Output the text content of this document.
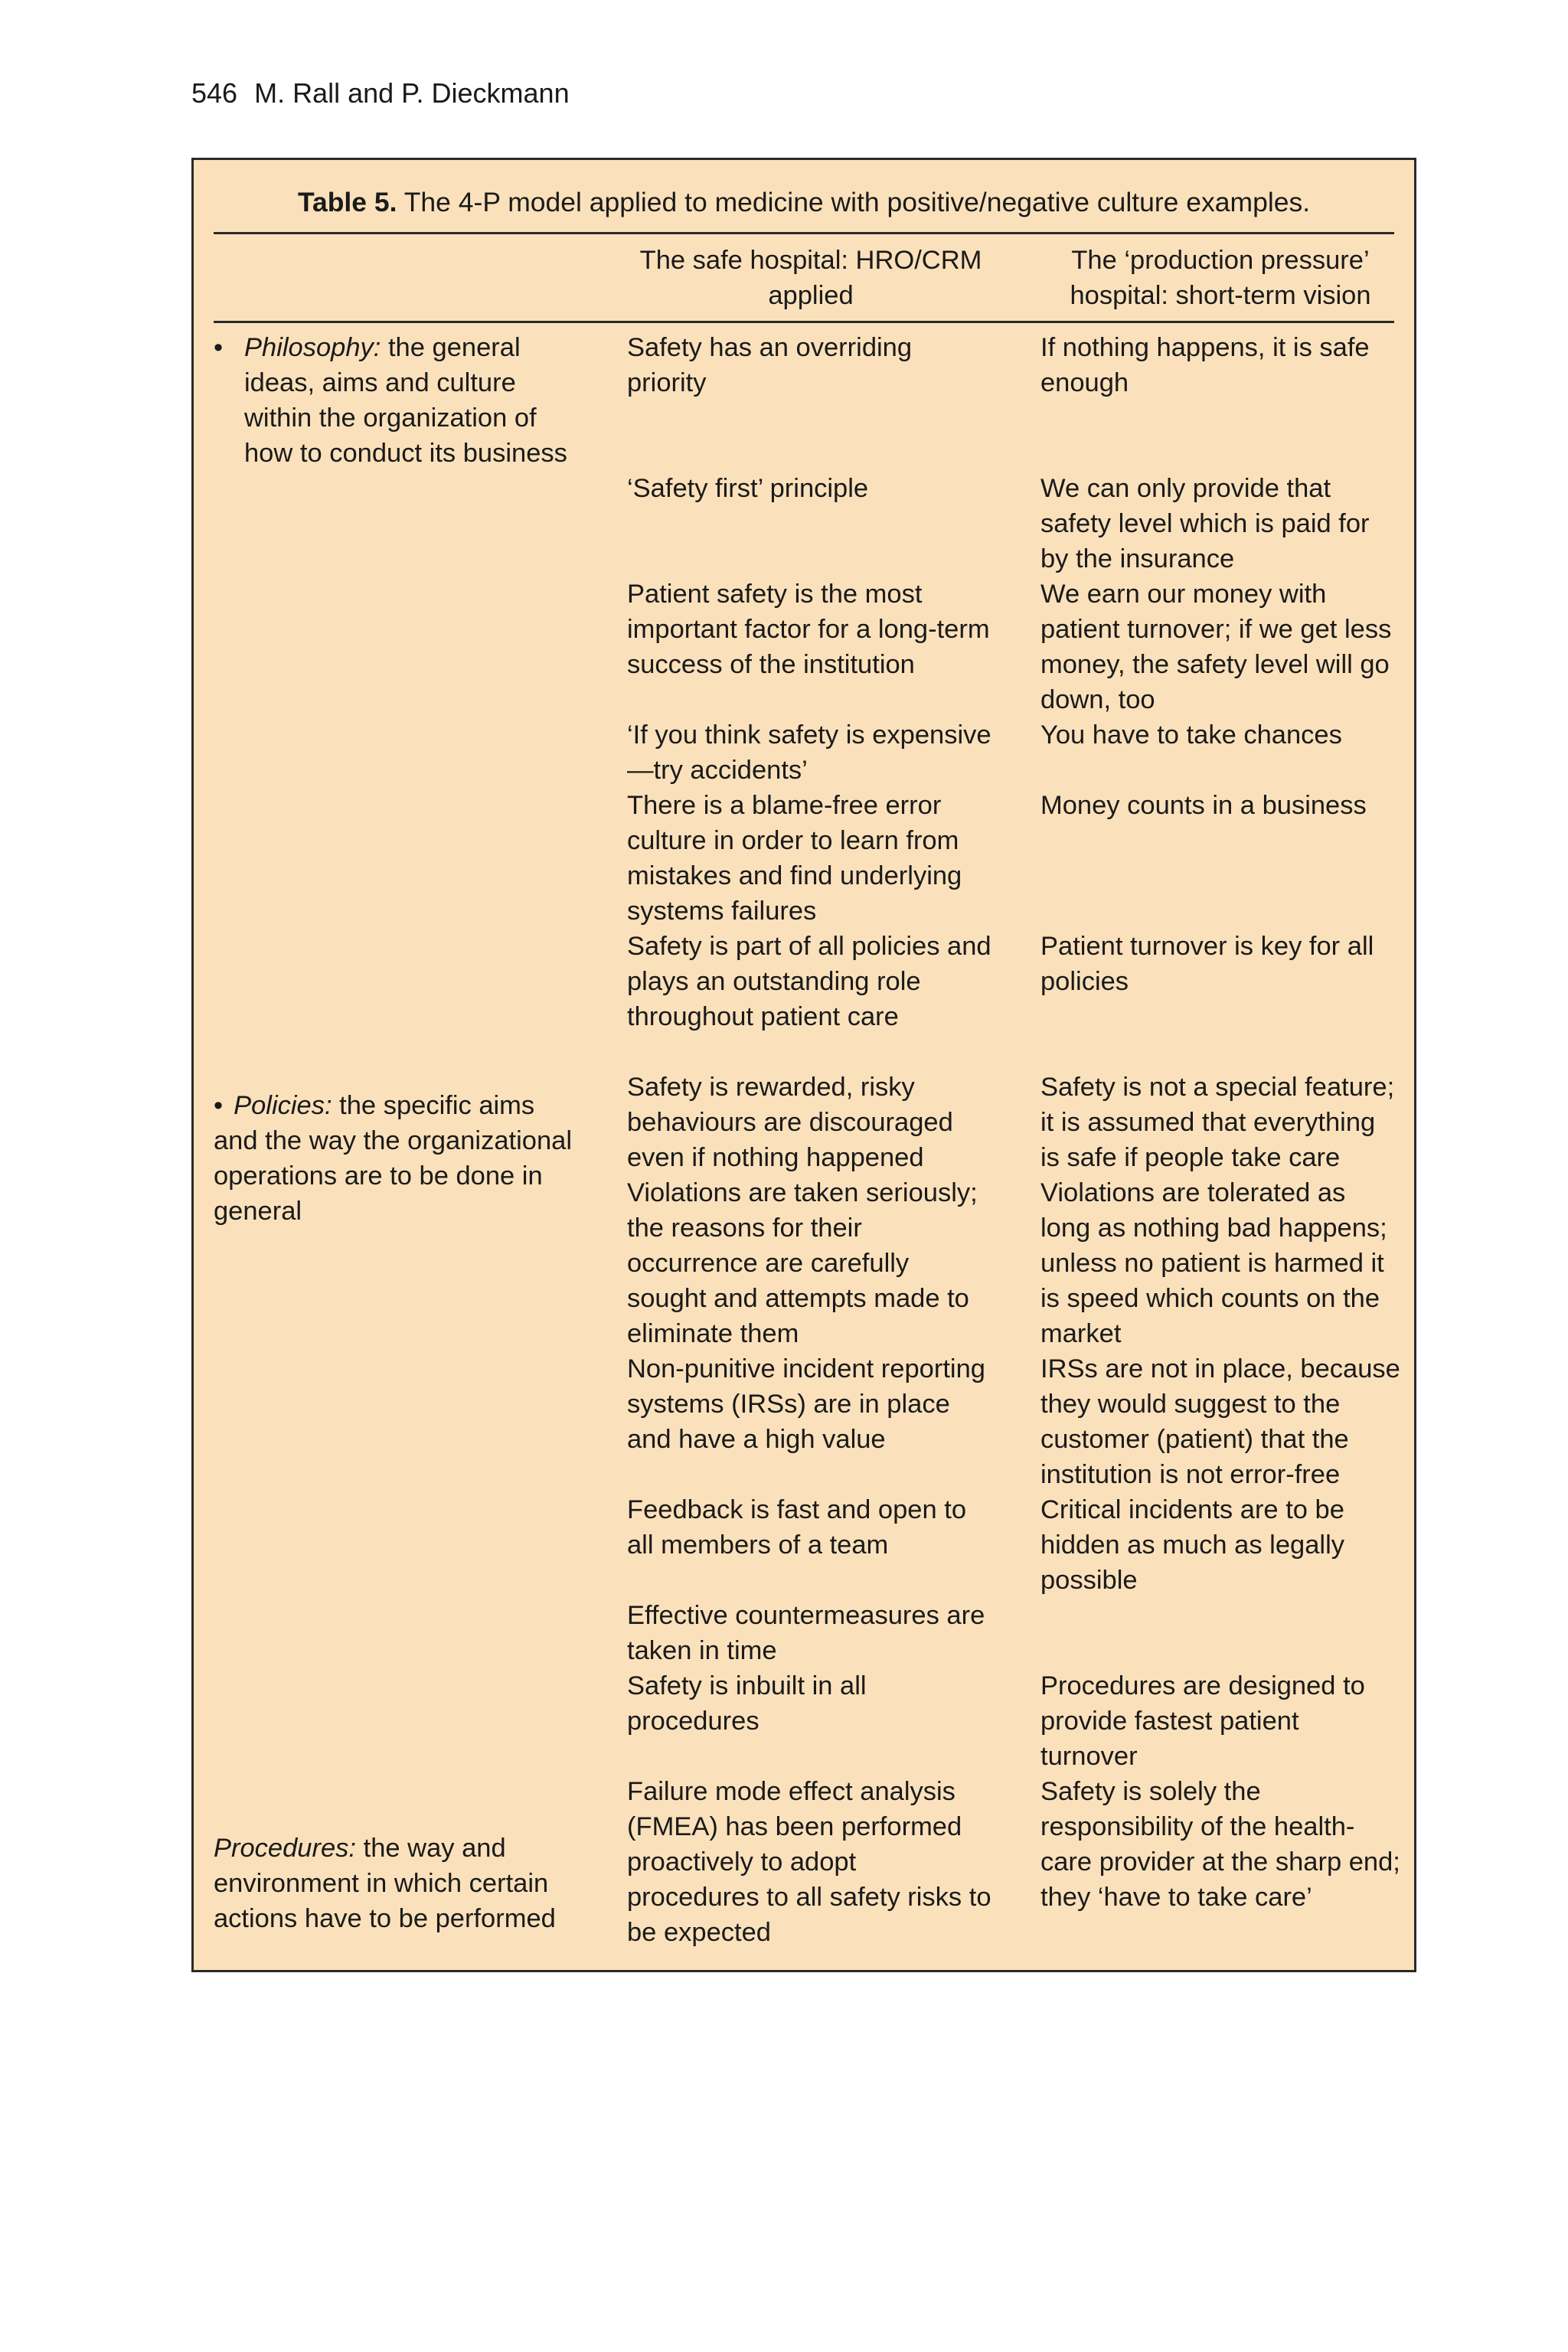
546 M. Rall and P. Dieckmann
Table 5. The 4-P model applied to medicine with positive/negative culture examples.
The safe hospital: HRO/CRM applied
The ‘production pressure’ hospital: short-term vision
• Philosophy: the general ideas, aims and culture within the organization of how to conduct its business
• Policies: the specific aims and the way the organizational operations are to be done in general
Procedures: the way and environment in which certain actions have to be performed
Safety has an overriding priority
‘Safety first’ principle
Patient safety is the most important factor for a long-term success of the institution
‘If you think safety is expensive—try accidents’
There is a blame-free error culture in order to learn from mistakes and find underlying systems failures
Safety is part of all policies and plays an outstanding role throughout patient care
Safety is rewarded, risky behaviours are discouraged even if nothing happened
Violations are taken seriously; the reasons for their occurrence are carefully sought and attempts made to eliminate them
Non-punitive incident reporting systems (IRSs) are in place and have a high value
Feedback is fast and open to all members of a team
Effective countermeasures are taken in time
Safety is inbuilt in all procedures
Failure mode effect analysis (FMEA) has been performed proactively to adopt procedures to all safety risks to be expected
If nothing happens, it is safe enough
We can only provide that safety level which is paid for by the insurance
We earn our money with patient turnover; if we get less money, the safety level will go down, too
You have to take chances
Money counts in a business
Patient turnover is key for all policies
Safety is not a special feature; it is assumed that everything is safe if people take care
Violations are tolerated as long as nothing bad happens; unless no patient is harmed it is speed which counts on the market
IRSs are not in place, because they would suggest to the customer (patient) that the institution is not error-free
Critical incidents are to be hidden as much as legally possible
Procedures are designed to provide fastest patient turnover
Safety is solely the responsibility of the health-care provider at the sharp end; they ‘have to take care’
